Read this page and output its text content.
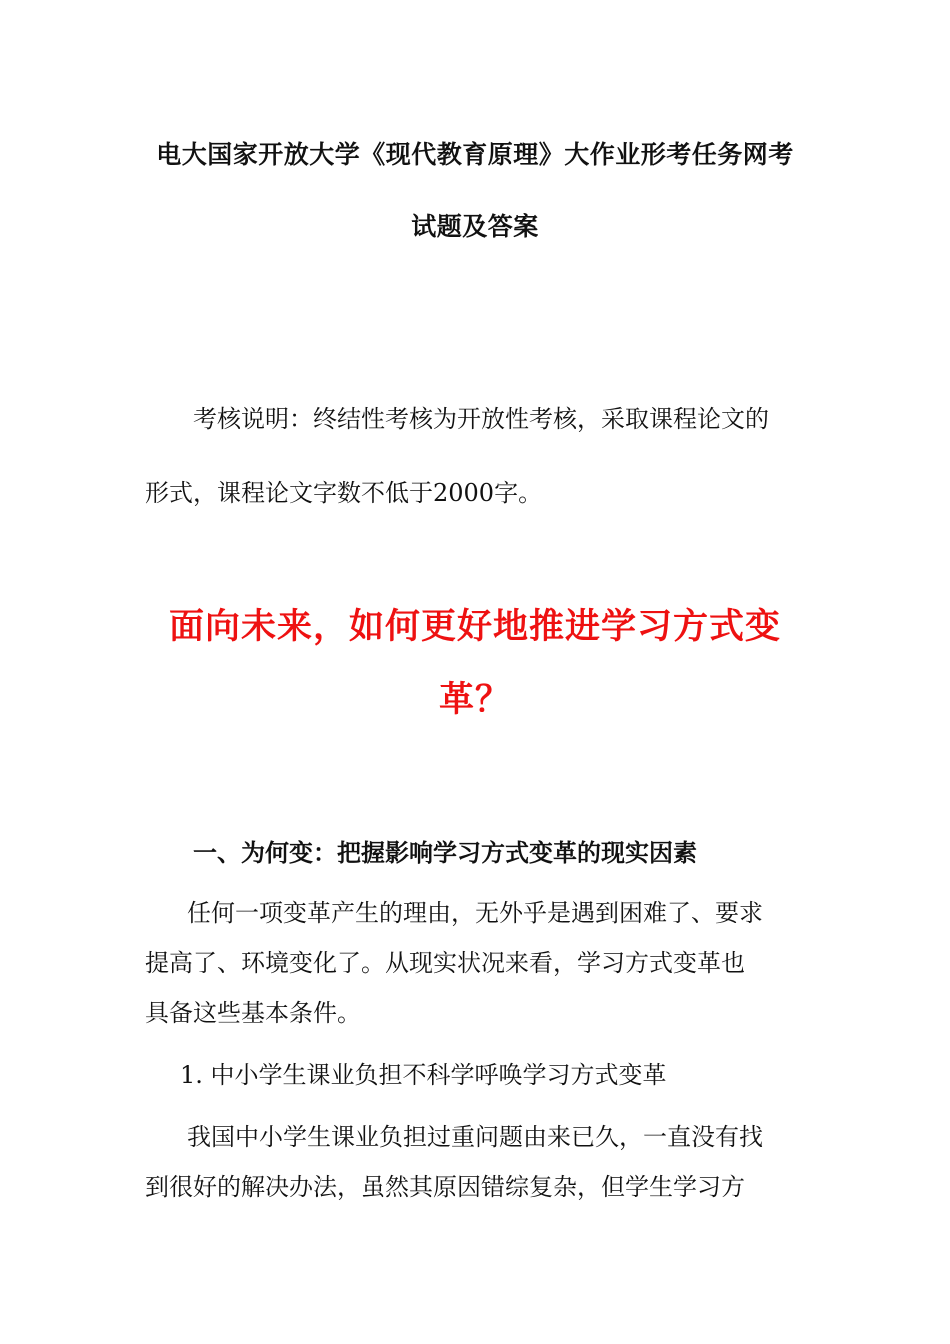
电大国家开放大学《现代教育原理》大作业形考任务网考
试题及答案

考核说明：终结性考核为开放性考核，采取课程论文的

形式，课程论文字数不低于2000字。

面向未来，如何更好地推进学习方式变
革？
一、为何变：把握影响学习方式变革的现实因素

任何一项变革产生的理由，无外乎是遇到困难了、要求

提高了、环境变化了。从现实状况来看，学习方式变革也

具备这些基本条件。

1. 中小学生课业负担不科学呼唤学习方式变革

我国中小学生课业负担过重问题由来已久，一直没有找

到很好的解决办法，虽然其原因错综复杂，但学生学习方
